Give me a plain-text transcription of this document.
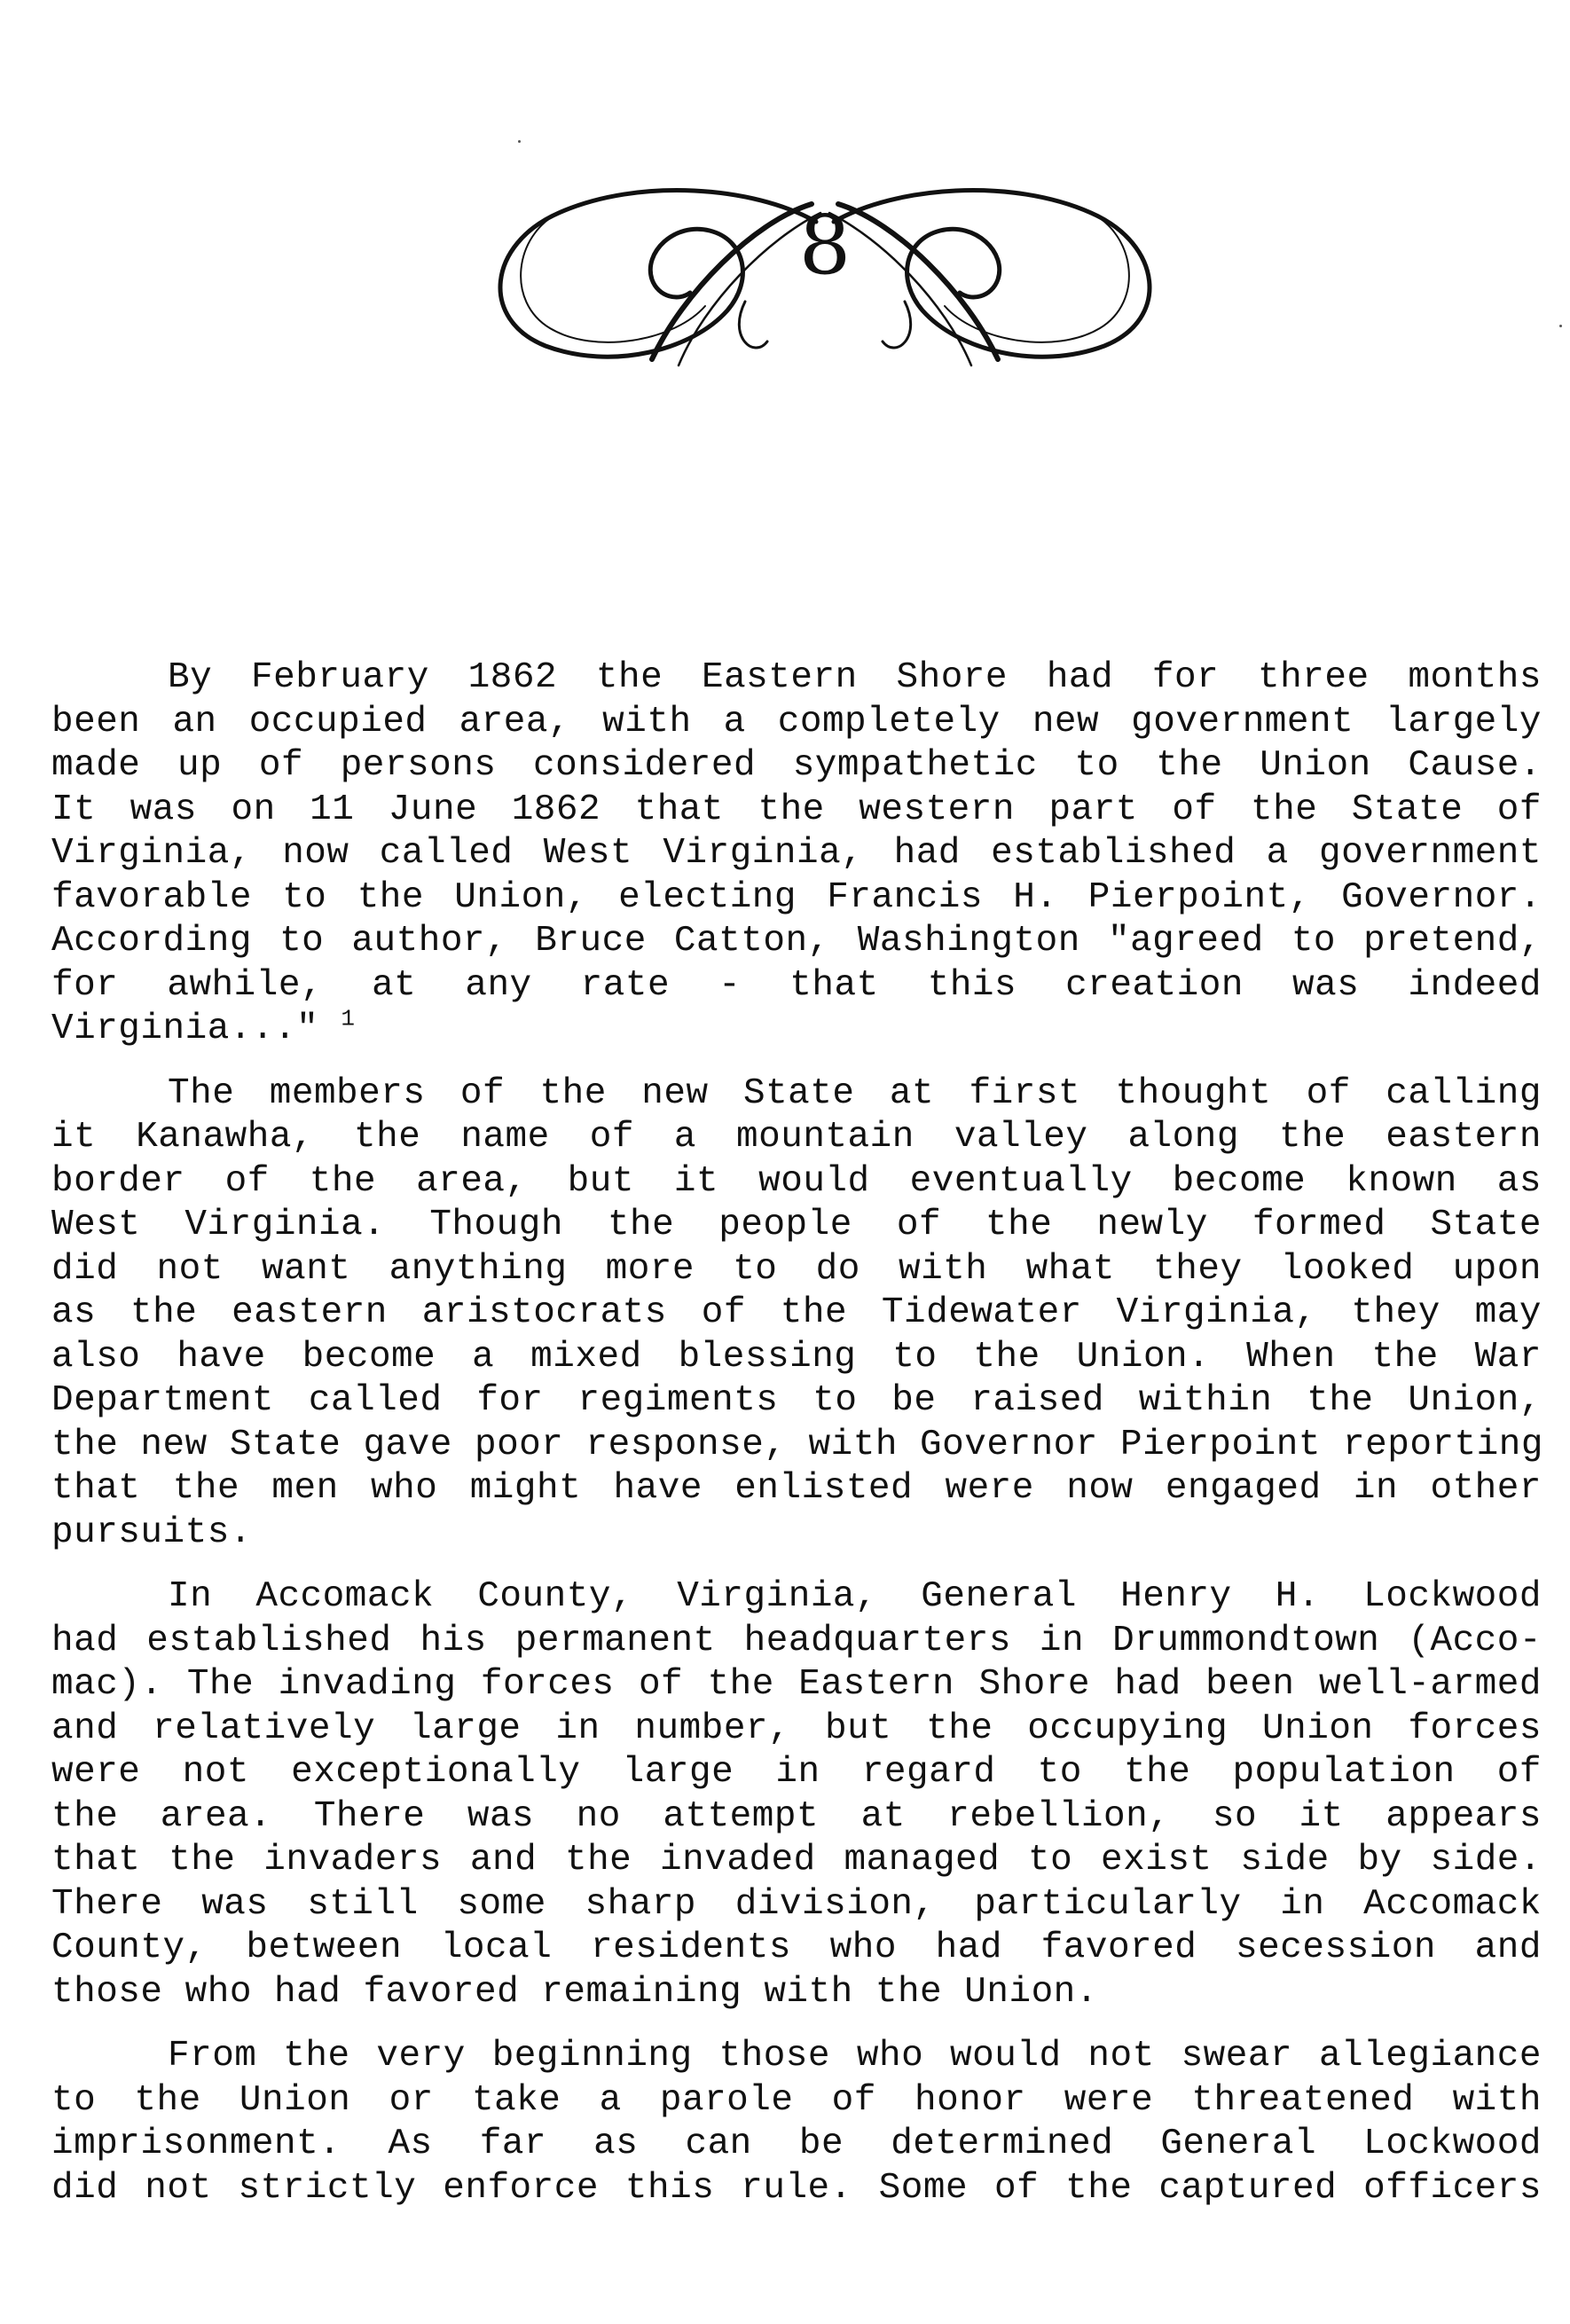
8
By February 1862 the Eastern Shore had for three months
been an occupied area, with a completely new government largely
made up of persons considered sympathetic to the Union Cause.
It was on 11 June 1862 that the western part of the State of
Virginia, now called West Virginia, had established a government
favorable to the Union, electing Francis H. Pierpoint, Governor.
According to author, Bruce Catton, Washington "agreed to pretend,
for awhile, at any rate - that this creation was indeed
Virginia..." $^1$
The members of the new State at first thought of calling
it Kanawha, the name of a mountain valley along the eastern
border of the area, but it would eventually become known as
West Virginia. Though the people of the newly formed State
did not want anything more to do with what they looked upon
as the eastern aristocrats of the Tidewater Virginia, they may
also have become a mixed blessing to the Union. When the War
Department called for regiments to be raised within the Union,
the new State gave poor response, with Governor Pierpoint reporting
that the men who might have enlisted were now engaged in other
pursuits.
In Accomack County, Virginia, General Henry H. Lockwood
had established his permanent headquarters in Drummondtown (Acco-
mac). The invading forces of the Eastern Shore had been well-armed
and relatively large in number, but the occupying Union forces
were not exceptionally large in regard to the population of
the area. There was no attempt at rebellion, so it appears
that the invaders and the invaded managed to exist side by side.
There was still some sharp division, particularly in Accomack
County, between local residents who had favored secession and
those who had favored remaining with the Union.
From the very beginning those who would not swear allegiance
to the Union or take a parole of honor were threatened with
imprisonment. As far as can be determined General Lockwood
did not strictly enforce this rule. Some of the captured officers
